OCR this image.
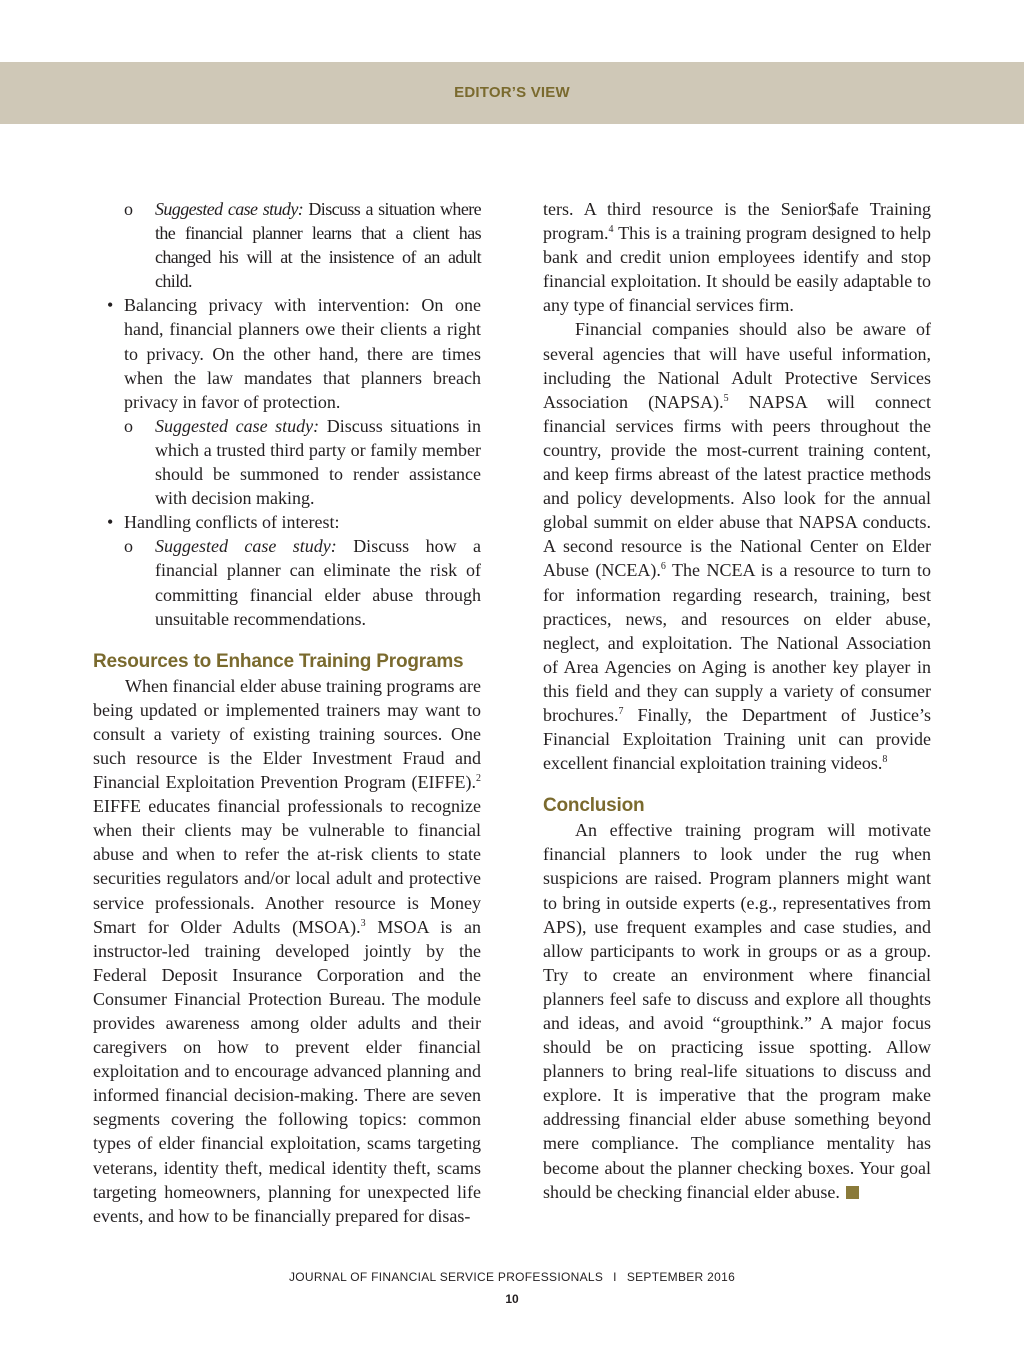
EDITOR’S VIEW

o Suggested case study: Discuss a situation where the financial planner learns that a client has changed his will at the insistence of an adult child.

• Balancing privacy with intervention: On one hand, financial planners owe their clients a right to privacy. On the other hand, there are times when the law mandates that planners breach privacy in favor of protection.

o Suggested case study: Discuss situations in which a trusted third party or family member should be summoned to render assistance with decision making.

• Handling conflicts of interest:

o Suggested case study: Discuss how a financial planner can eliminate the risk of committing financial elder abuse through unsuitable recommendations.

Resources to Enhance Training Programs

When financial elder abuse training programs are being updated or implemented trainers may want to consult a variety of existing training sources. One such resource is the Elder Investment Fraud and Financial Exploitation Prevention Program (EIFFE).$^2$ EIFFE educates financial professionals to recognize when their clients may be vulnerable to financial abuse and when to refer the at-risk clients to state securities regulators and/or local adult and protective service professionals. Another resource is Money Smart for Older Adults (MSOA).$^3$ MSOA is an instructor-led training developed jointly by the Federal Deposit Insurance Corporation and the Consumer Financial Protection Bureau. The module provides awareness among older adults and their caregivers on how to prevent elder financial exploitation and to encourage advanced planning and informed financial decision-making. There are seven segments covering the following topics: common types of elder financial exploitation, scams targeting veterans, identity theft, medical identity theft, scams targeting homeowners, planning for unexpected life events, and how to be financially prepared for disas-

ters. A third resource is the Senior$afe Training program.$^4$ This is a training program designed to help bank and credit union employees identify and stop financial exploitation. It should be easily adaptable to any type of financial services firm.

Financial companies should also be aware of several agencies that will have useful information, including the National Adult Protective Services Association (NAPSA).$^5$ NAPSA will connect financial services firms with peers throughout the country, provide the most-current training content, and keep firms abreast of the latest practice methods and policy developments. Also look for the annual global summit on elder abuse that NAPSA conducts. A second resource is the National Center on Elder Abuse (NCEA).$^6$ The NCEA is a resource to turn to for information regarding research, training, best practices, news, and resources on elder abuse, neglect, and exploitation. The National Association of Area Agencies on Aging is another key player in this field and they can supply a variety of consumer brochures.$^7$ Finally, the Department of Justice’s Financial Exploitation Training unit can provide excellent financial exploitation training videos.$^8$

Conclusion

An effective training program will motivate financial planners to look under the rug when suspicions are raised. Program planners might want to bring in outside experts (e.g., representatives from APS), use frequent examples and case studies, and allow participants to work in groups or as a group. Try to create an environment where financial planners feel safe to discuss and explore all thoughts and ideas, and avoid “groupthink.” A major focus should be on practicing issue spotting. Allow planners to bring real-life situations to discuss and explore. It is imperative that the program make addressing financial elder abuse something beyond mere compliance. The compliance mentality has become about the planner checking boxes. Your goal should be checking financial elder abuse.

JOURNAL OF FINANCIAL SERVICE PROFESSIONALS I SEPTEMBER 2016
10
